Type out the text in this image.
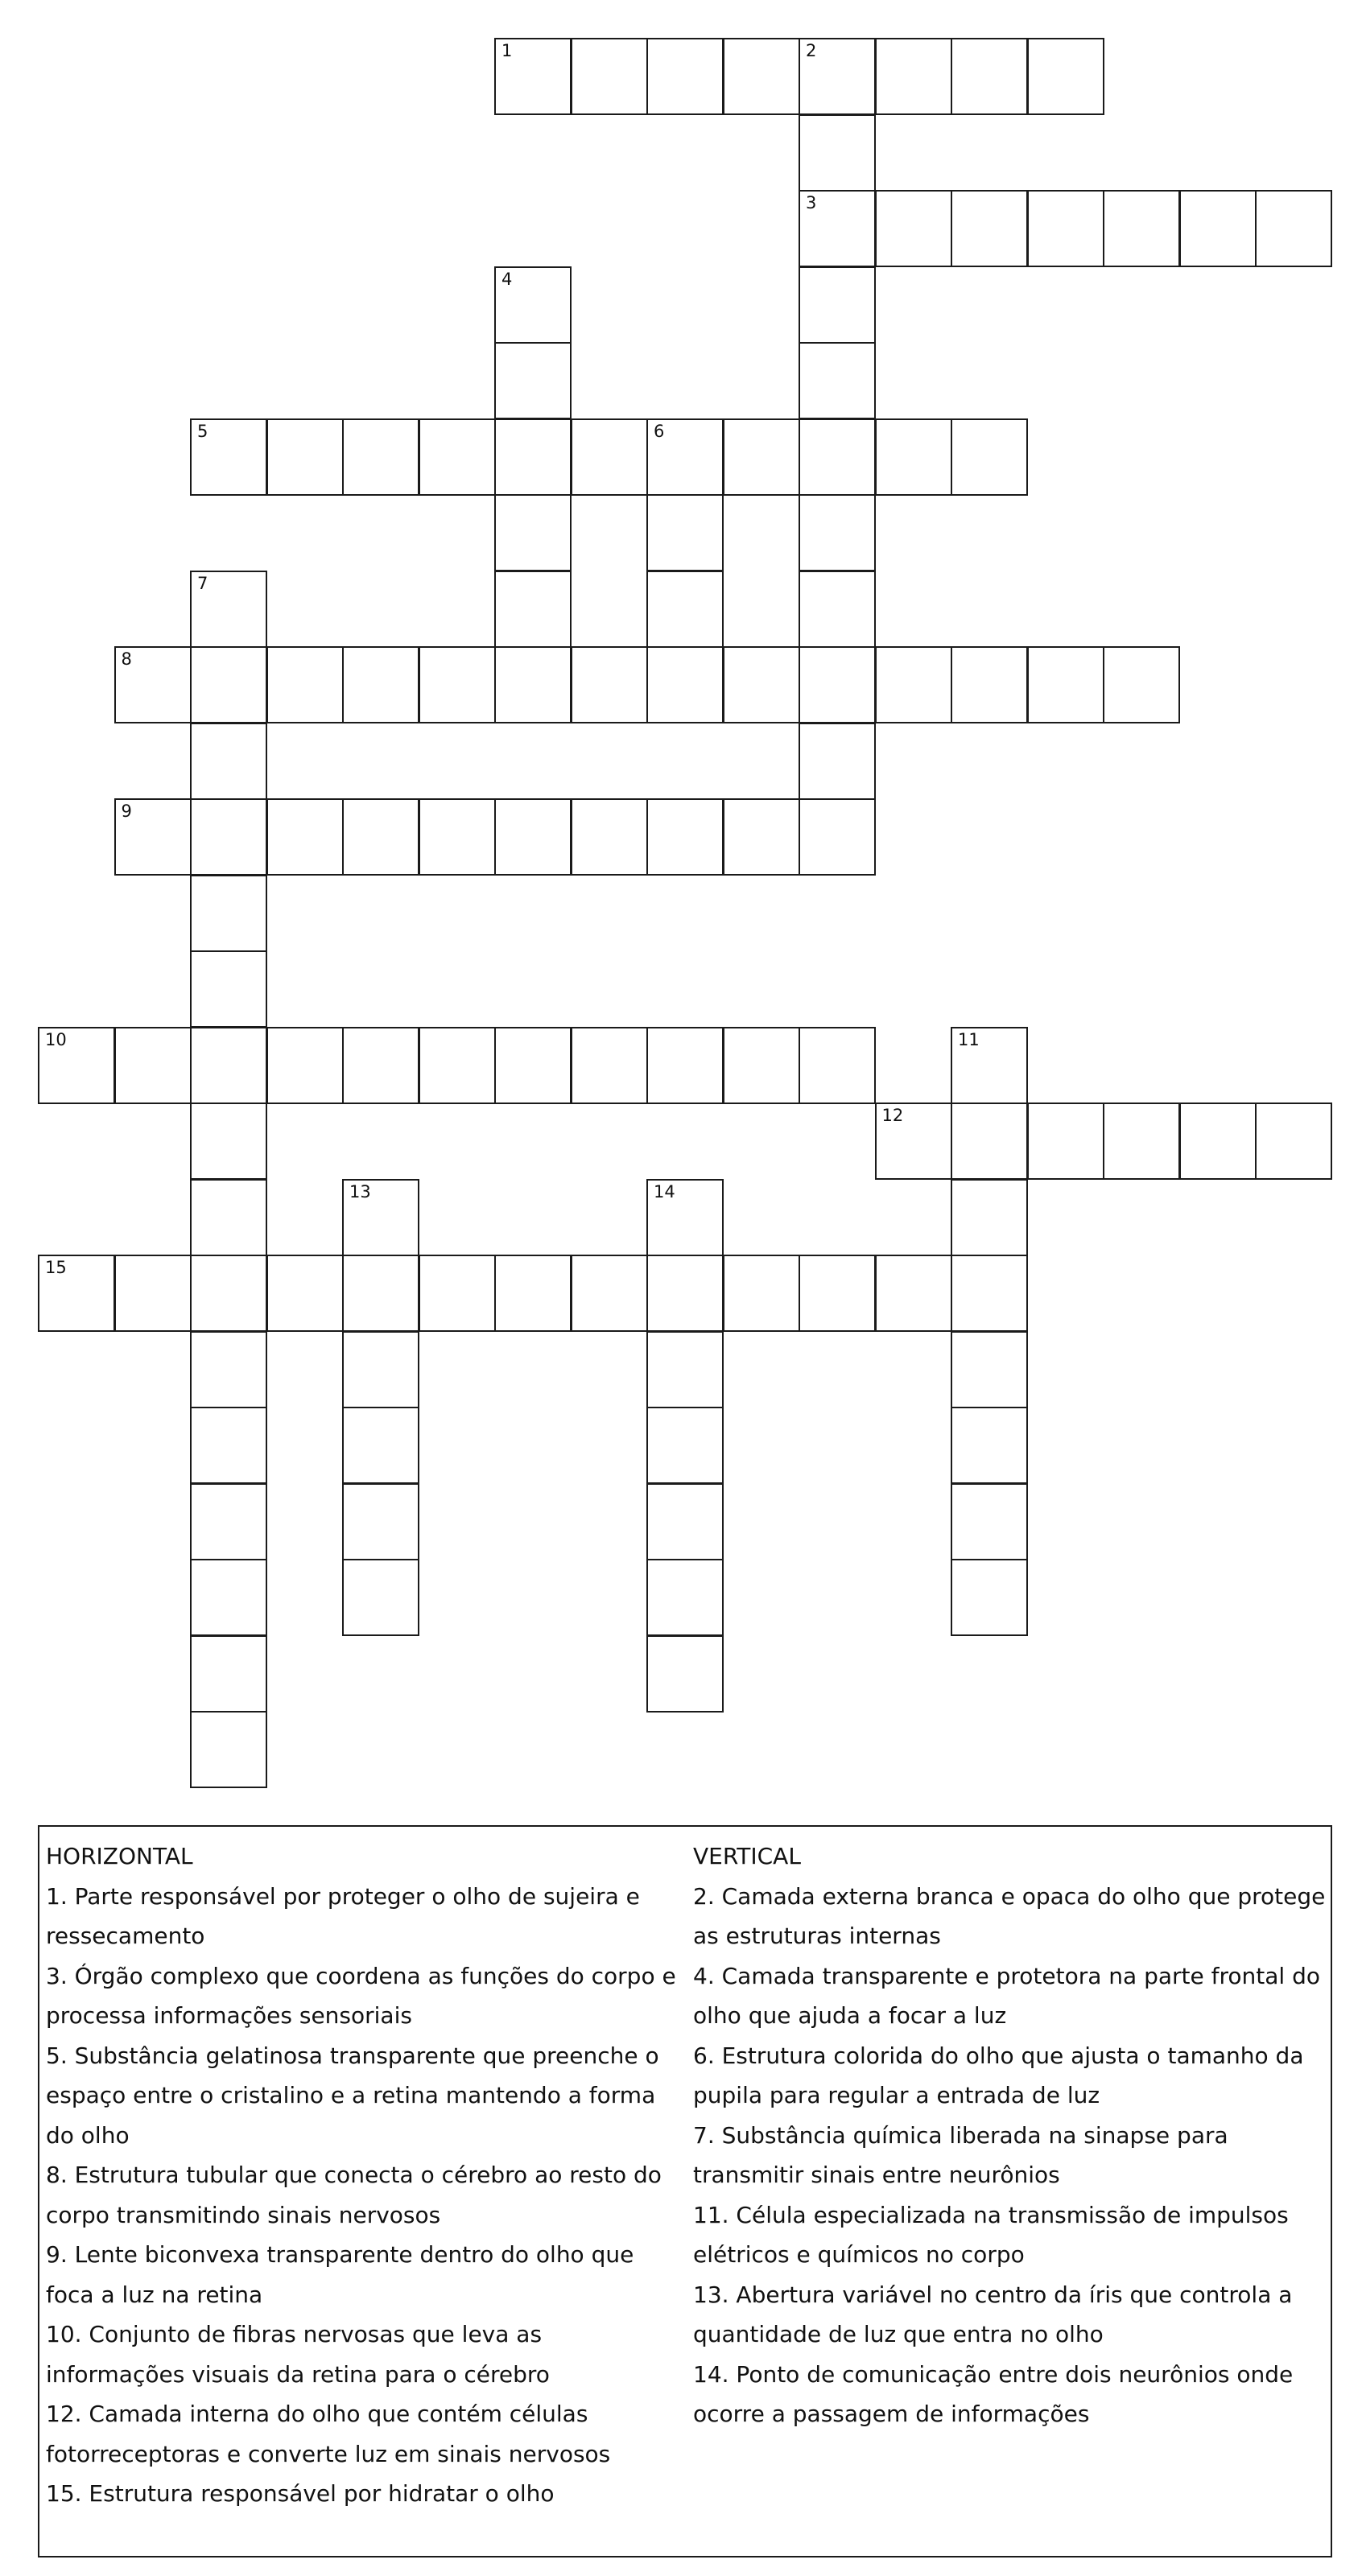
1	2
3
4
5	6
7
8
9
10	11
12
13	14
15
HORIZONTAL
1. Parte responsável por proteger o olho de sujeira e ressecamento
3. Órgão complexo que coordena as funções do corpo e processa informações sensoriais
5. Substância gelatinosa transparente que preenche o espaço entre o cristalino e a retina mantendo a forma do olho
8. Estrutura tubular que conecta o cérebro ao resto do corpo transmitindo sinais nervosos
9. Lente biconvexa transparente dentro do olho que foca a luz na retina
10. Conjunto de fibras nervosas que leva as informações visuais da retina para o cérebro
12. Camada interna do olho que contém células fotorreceptoras e converte luz em sinais nervosos
15. Estrutura responsável por hidratar o olho
VERTICAL
2. Camada externa branca e opaca do olho que protege as estruturas internas
4. Camada transparente e protetora na parte frontal do olho que ajuda a focar a luz
6. Estrutura colorida do olho que ajusta o tamanho da pupila para regular a entrada de luz
7. Substância química liberada na sinapse para transmitir sinais entre neurônios
11. Célula especializada na transmissão de impulsos elétricos e químicos no corpo
13. Abertura variável no centro da íris que controla a quantidade de luz que entra no olho
14. Ponto de comunicação entre dois neurônios onde ocorre a passagem de informações
